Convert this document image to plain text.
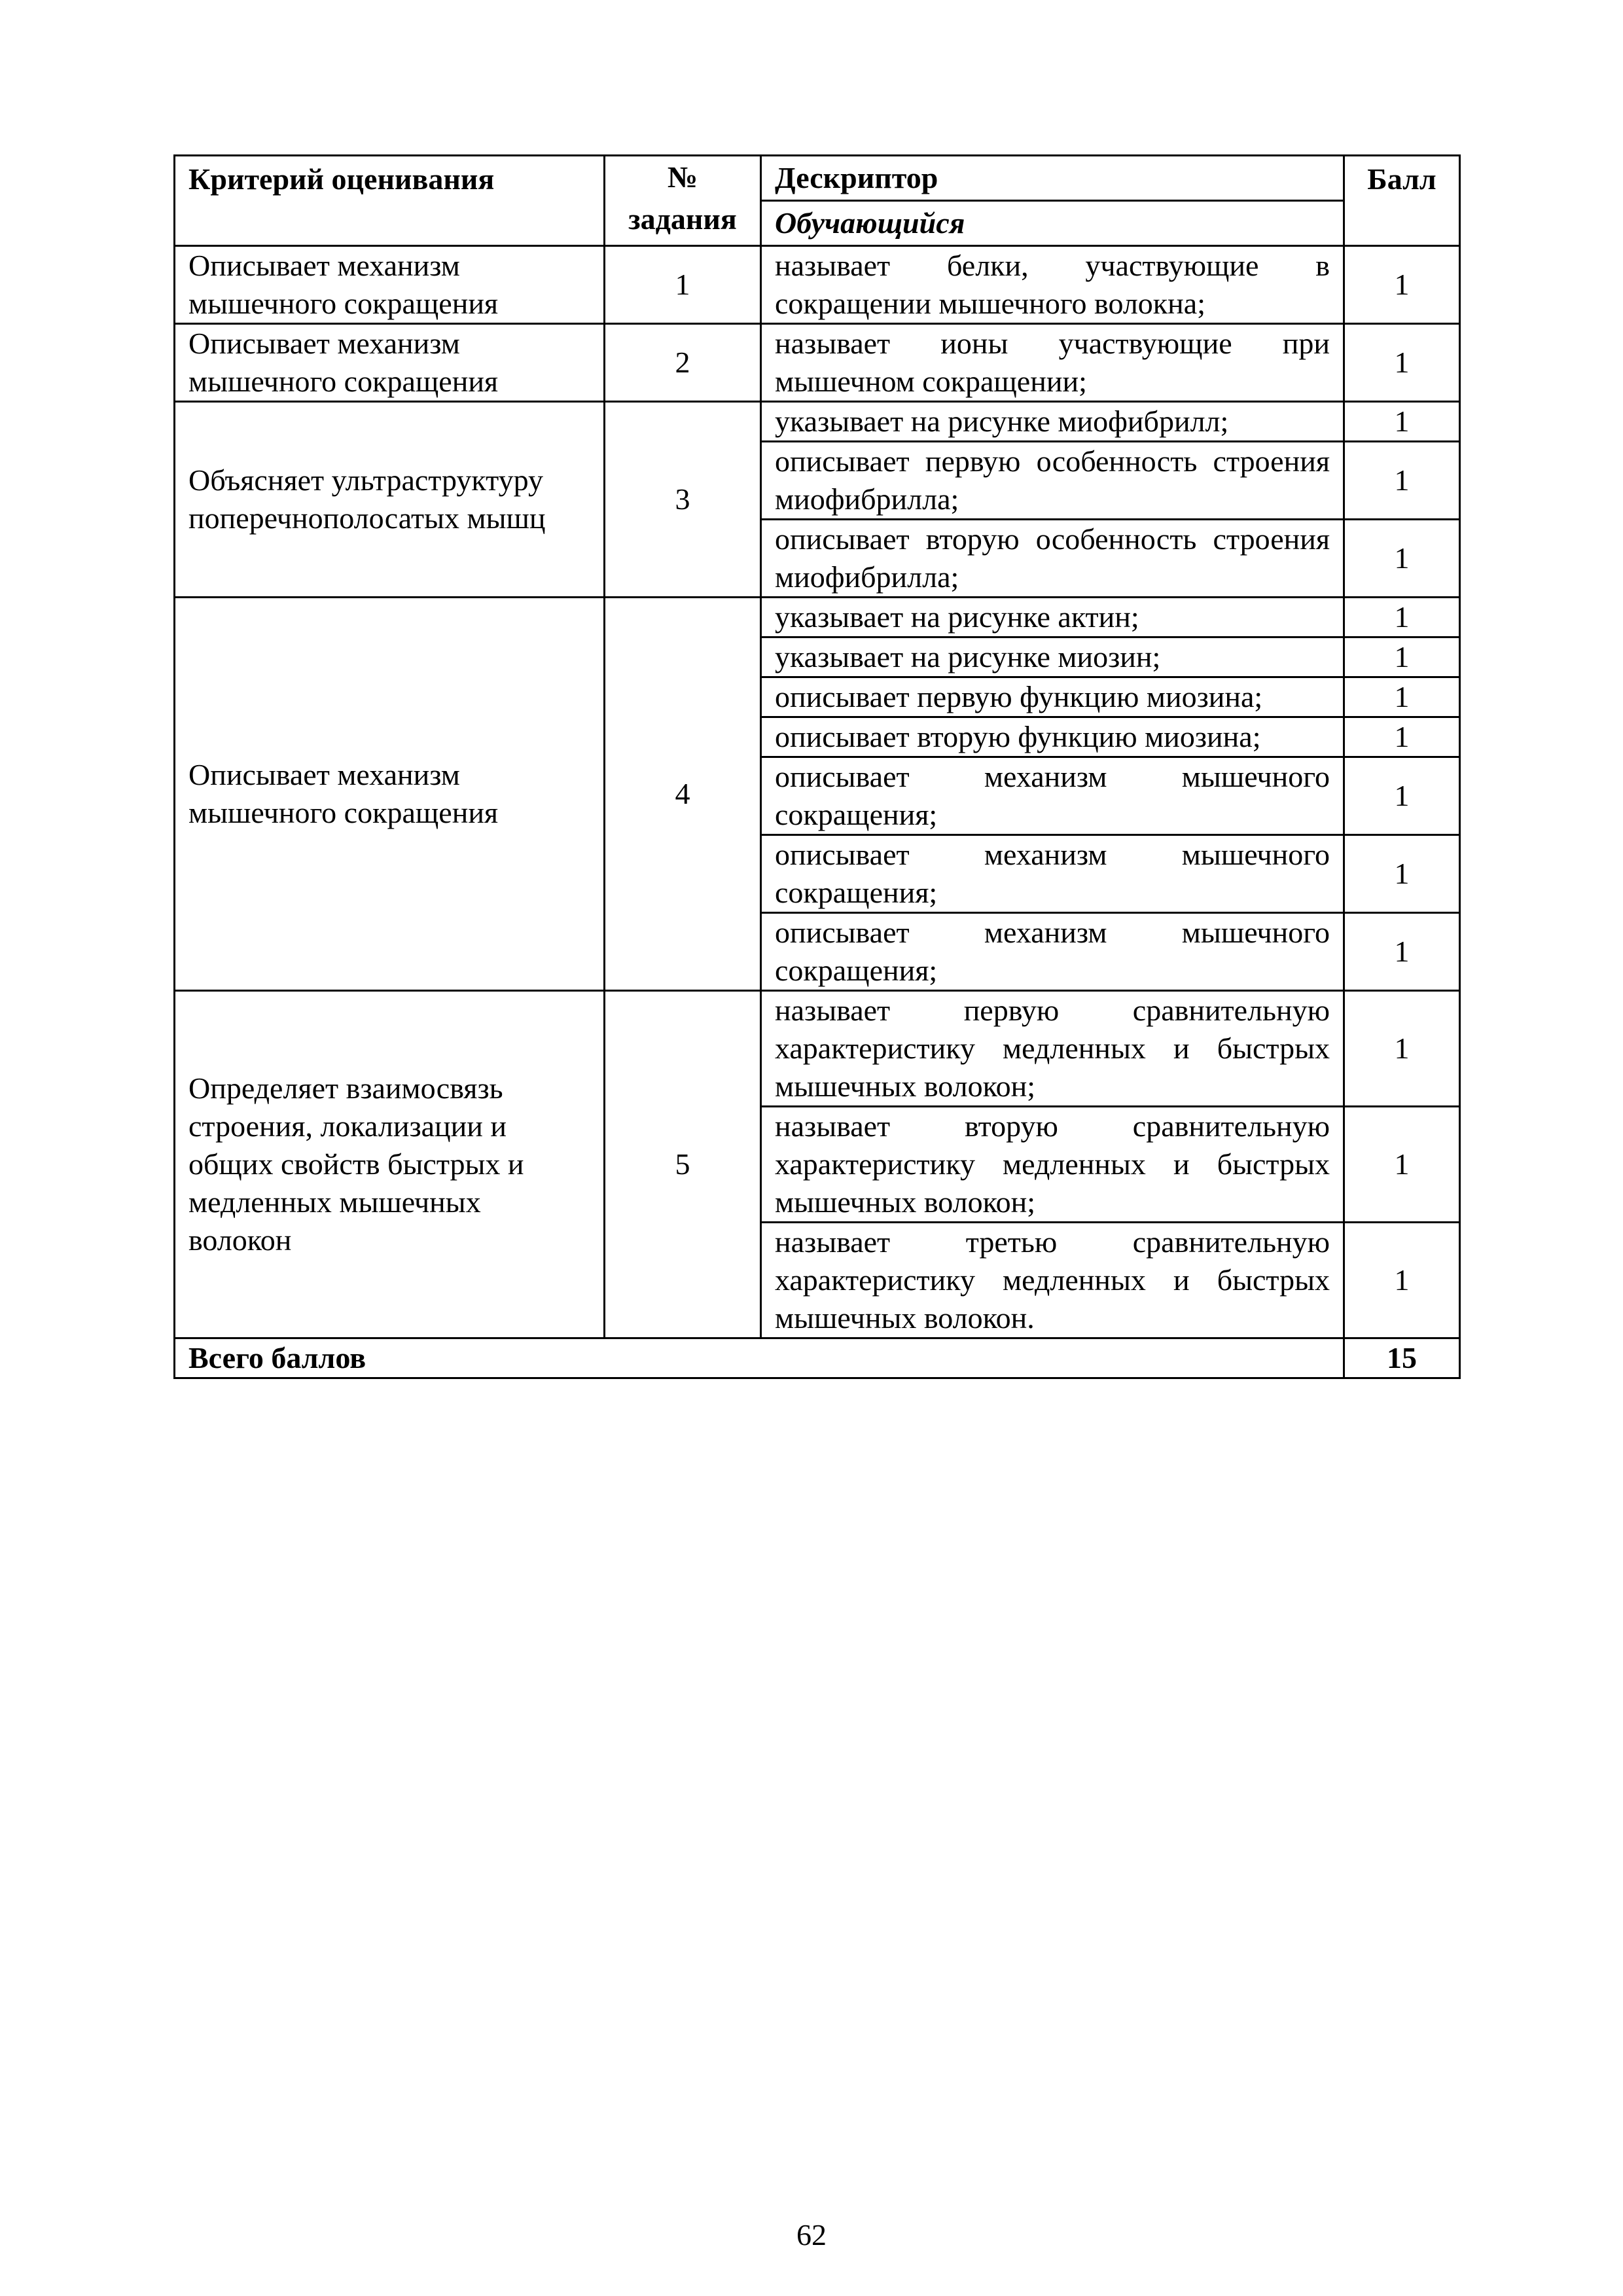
Критерий оценивания	№ задания	Дескриптор	Балл
		Обучающийся	
Описывает механизм мышечного сокращения	1	называет белки, участвующие в сокращении мышечного волокна;	1
Описывает механизм мышечного сокращения	2	называет ионы участвующие при мышечном сокращении;	1
Объясняет ультраструктуру поперечнополосатых мышц	3	указывает на рисунке миофибрилл;	1
		описывает первую особенность строения миофибрилла;	1
		описывает вторую особенность строения миофибрилла;	1
Описывает механизм мышечного сокращения	4	указывает на рисунке актин;	1
		указывает на рисунке миозин;	1
		описывает первую функцию миозина;	1
		описывает вторую функцию миозина;	1
		описывает механизм мышечного сокращения;	1
		описывает механизм мышечного сокращения;	1
		описывает механизм мышечного сокращения;	1
Определяет взаимосвязь строения, локализации и общих свойств быстрых и медленных мышечных волокон	5	называет первую сравнительную характеристику медленных и быстрых мышечных волокон;	1
		называет вторую сравнительную характеристику медленных и быстрых мышечных волокон;	1
		называет третью сравнительную характеристику медленных и быстрых мышечных волокон.	1
Всего баллов			15
62
